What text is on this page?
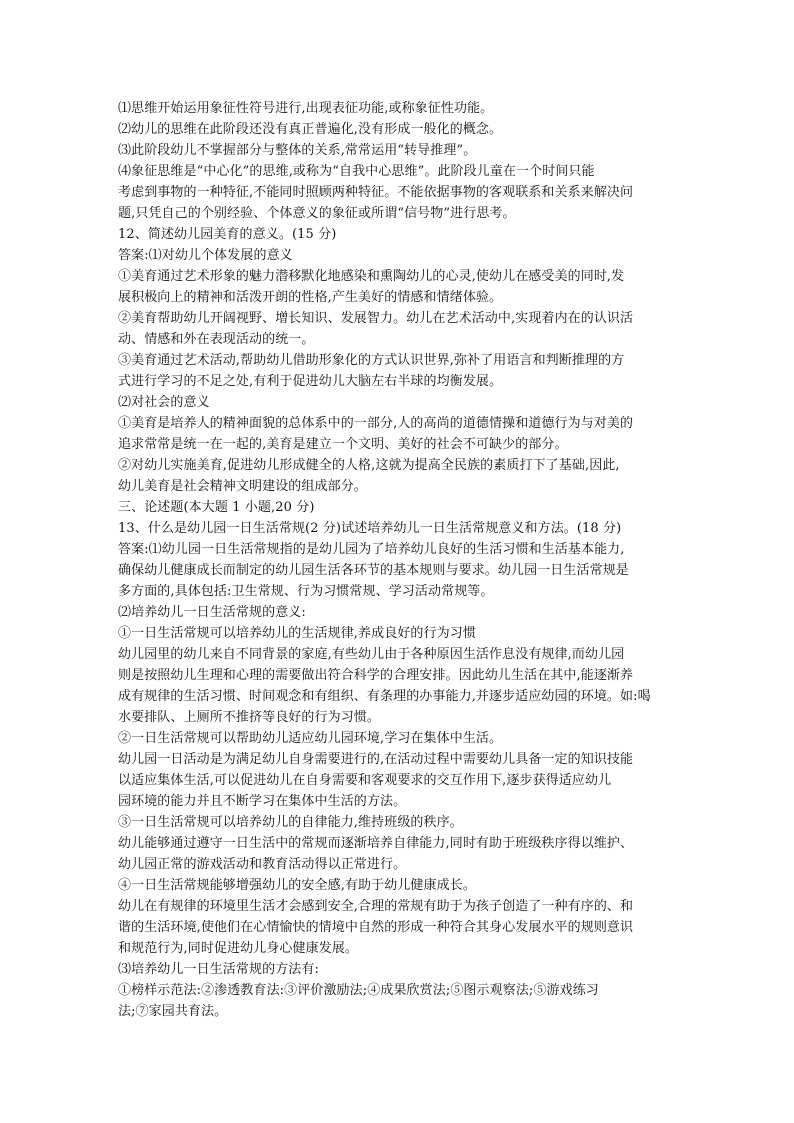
⑴思维开始运用象征性符号进行,出现表征功能,或称象征性功能。
⑵幼儿的思维在此阶段还没有真正普遍化,没有形成一般化的概念。
⑶此阶段幼儿不掌握部分与整体的关系,常常运用“转导推理”。
⑷象征思维是“中心化”的思维,或称为“自我中心思维”。此阶段儿童在一个时间只能
考虑到事物的一种特征,不能同时照顾两种特征。不能依据事物的客观联系和关系来解决问
题,只凭自己的个别经验、个体意义的象征或所谓“信号物”进行思考。
12、简述幼儿园美育的意义。(15 分)
答案:⑴对幼儿个体发展的意义
①美育通过艺术形象的魅力潜移默化地感染和熏陶幼儿的心灵,使幼儿在感受美的同时,发
展积极向上的精神和活泼开朗的性格,产生美好的情感和情绪体验。
②美育帮助幼儿开阔视野、增长知识、发展智力。幼儿在艺术活动中,实现着内在的认识活
动、情感和外在表现活动的统一。
③美育通过艺术活动,帮助幼儿借助形象化的方式认识世界,弥补了用语言和判断推理的方
式进行学习的不足之处,有利于促进幼儿大脑左右半球的均衡发展。
⑵对社会的意义
①美育是培养人的精神面貌的总体系中的一部分,人的高尚的道德情操和道德行为与对美的
追求常常是统一在一起的,美育是建立一个文明、美好的社会不可缺少的部分。
②对幼儿实施美育,促进幼儿形成健全的人格,这就为提高全民族的素质打下了基础,因此,
幼儿美育是社会精神文明建设的组成部分。
三、论述题(本大题 1 小题,20 分)
13、什么是幼儿园一日生活常规(2 分)试述培养幼儿一日生活常规意义和方法。(18 分)
答案:⑴幼儿园一日生活常规指的是幼儿园为了培养幼儿良好的生活习惯和生活基本能力,
确保幼儿健康成长而制定的幼儿园生活各环节的基本规则与要求。幼儿园一日生活常规是
多方面的,具体包括:卫生常规、行为习惯常规、学习活动常规等。
⑵培养幼儿一日生活常规的意义:
①一日生活常规可以培养幼儿的生活规律,养成良好的行为习惯
幼儿园里的幼儿来自不同背景的家庭,有些幼儿由于各种原因生活作息没有规律,而幼儿园
则是按照幼儿生理和心理的需要做出符合科学的合理安排。因此幼儿生活在其中,能逐渐养
成有规律的生活习惯、时间观念和有组织、有条理的办事能力,并逐步适应幼园的环境。如:喝
水要排队、上厕所不推挤等良好的行为习惯。
②一日生活常规可以帮助幼儿适应幼儿园环境,学习在集体中生活。
幼儿园一日活动是为满足幼儿自身需要进行的,在活动过程中需要幼儿具备一定的知识技能
以适应集体生活,可以促进幼儿在自身需要和客观要求的交互作用下,逐步获得适应幼儿
园环境的能力并且不断学习在集体中生活的方法。
③一日生活常规可以培养幼儿的自律能力,维持班级的秩序。
幼儿能够通过遵守一日生活中的常规而逐渐培养自律能力,同时有助于班级秩序得以维护、
幼儿园正常的游戏活动和教育活动得以正常进行。
④一日生活常规能够增强幼儿的安全感,有助于幼儿健康成长。
幼儿在有规律的环境里生活才会感到安全,合理的常规有助于为孩子创造了一种有序的、和
谐的生活环境,使他们在心情愉快的情境中自然的形成一种符合其身心发展水平的规则意识
和规范行为,同时促进幼儿身心健康发展。
⑶培养幼儿一日生活常规的方法有:
①榜样示范法:②渗透教育法:③评价激励法;④成果欣赏法;⑤图示观察法;⑤游戏练习
法;⑦家园共育法。
